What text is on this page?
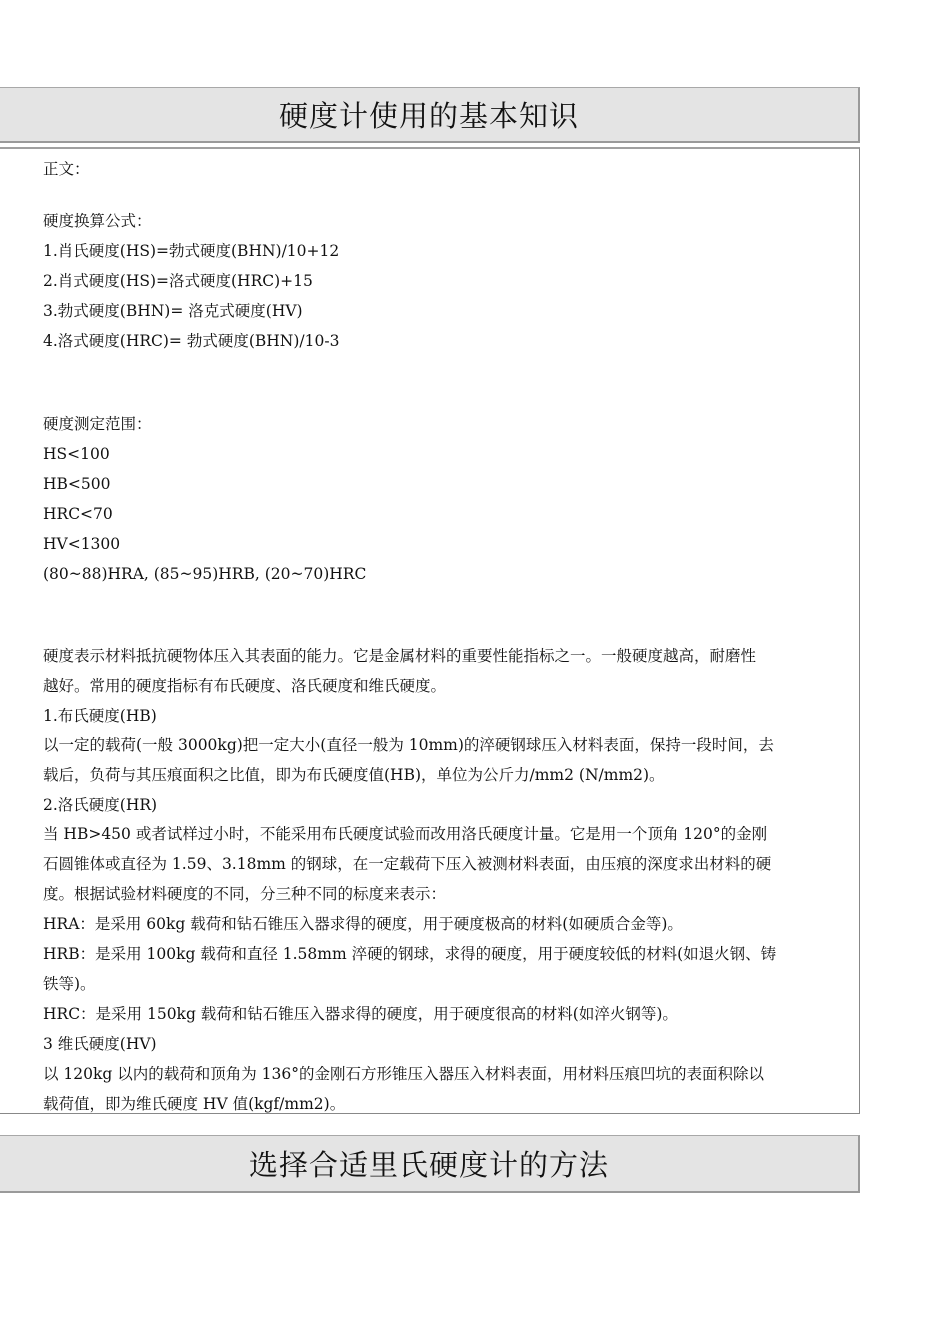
硬度计使用的基本知识
正文：
硬度换算公式：
1.肖氏硬度(HS)=勃式硬度(BHN)/10+12
2.肖式硬度(HS)=洛式硬度(HRC)+15
3.勃式硬度(BHN)= 洛克式硬度(HV)
4.洛式硬度(HRC)= 勃式硬度(BHN)/10-3
硬度测定范围：
HS<100
HB<500
HRC<70
HV<1300
(80~88)HRA, (85~95)HRB, (20~70)HRC
硬度表示材料抵抗硬物体压入其表面的能力。它是金属材料的重要性能指标之一。一般硬度越高，耐磨性
越好。常用的硬度指标有布氏硬度、洛氏硬度和维氏硬度。
1.布氏硬度(HB)
以一定的载荷(一般 3000kg)把一定大小(直径一般为 10mm)的淬硬钢球压入材料表面，保持一段时间，去
载后，负荷与其压痕面积之比值，即为布氏硬度值(HB)，单位为公斤力/mm2 (N/mm2)。
2.洛氏硬度(HR)
当 HB>450 或者试样过小时，不能采用布氏硬度试验而改用洛氏硬度计量。它是用一个顶角 120°的金刚
石圆锥体或直径为 1.59、3.18mm 的钢球，在一定载荷下压入被测材料表面，由压痕的深度求出材料的硬
度。根据试验材料硬度的不同，分三种不同的标度来表示：
HRA：是采用 60kg 载荷和钻石锥压入器求得的硬度，用于硬度极高的材料(如硬质合金等)。
HRB：是采用 100kg 载荷和直径 1.58mm 淬硬的钢球，求得的硬度，用于硬度较低的材料(如退火钢、铸
铁等)。
HRC：是采用 150kg 载荷和钻石锥压入器求得的硬度，用于硬度很高的材料(如淬火钢等)。
3 维氏硬度(HV)
以 120kg 以内的载荷和顶角为 136°的金刚石方形锥压入器压入材料表面，用材料压痕凹坑的表面积除以
载荷值，即为维氏硬度 HV 值(kgf/mm2)。
选择合适里氏硬度计的方法
